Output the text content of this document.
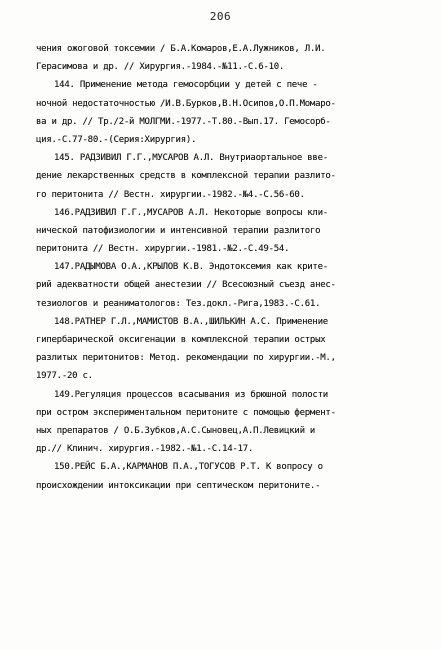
206
чения ожоговой токсемии / Б.А.Комаров,Е.А.Лужников, Л.И.
Герасимова и др. // Хирургия.-1984.-№11.-С.6-10.
144. Применение метода гемосорбции у детей с пече -
ночной недостаточностью /И.В.Бурков,В.Н.Осипов,О.П.Момаро-
ва и др. // Тр./2-й МОЛГМИ.-1977.-Т.80.-Вып.17. Гемосорб-
ция.-С.77-80.-(Серия:Хирургия).
145. РАДЗИВИЛ Г.Г.,МУСАРОВ А.Л. Внутриаортальное вве-
дение лекарственных средств в комплексной терапии разлито-
го перитонита // Вестн. хирургии.-1982.-№4.-С.56-60.
146.РАДЗИВИЛ Г.Г.,МУСАРОВ А.Л. Некоторые вопросы кли-
нической патофизиологии и интенсивной терапии разлитого
перитонита // Вестн. хирургии.-1981.-№2.-С.49-54.
147.РАДЫМОВА О.А.,КРЫЛОВ К.В. Эндотоксемия как крите-
рий адекватности общей анестезии // Всесоюзный съезд анес-
тезиологов и реаниматологов: Тез.докл.-Рига,1983.-С.61.
148.РАТНЕР Г.Л.,МАМИСТОВ В.А.,ШИЛЬКИН А.С. Применение
гипербарической оксигенации в комплексной терапии острых
разлитых перитонитов: Метод. рекомендации по хирургии.-М.,
1977.-20 с.
149.Регуляция процессов всасывания из брюшной полости
при остром экспериментальном перитоните с помощью фермент-
ных препаратов / О.Б.Зубков,А.С.Сыновец,А.П.Левицкий и
др.// Клинич. хирургия.-1982.-№1.-С.14-17.
150.РЕЙС Б.А.,КАРМАНОВ П.А.,ТОГУСОВ Р.Т. К вопросу о
происхождении интоксикации при септическом перитоните.-
